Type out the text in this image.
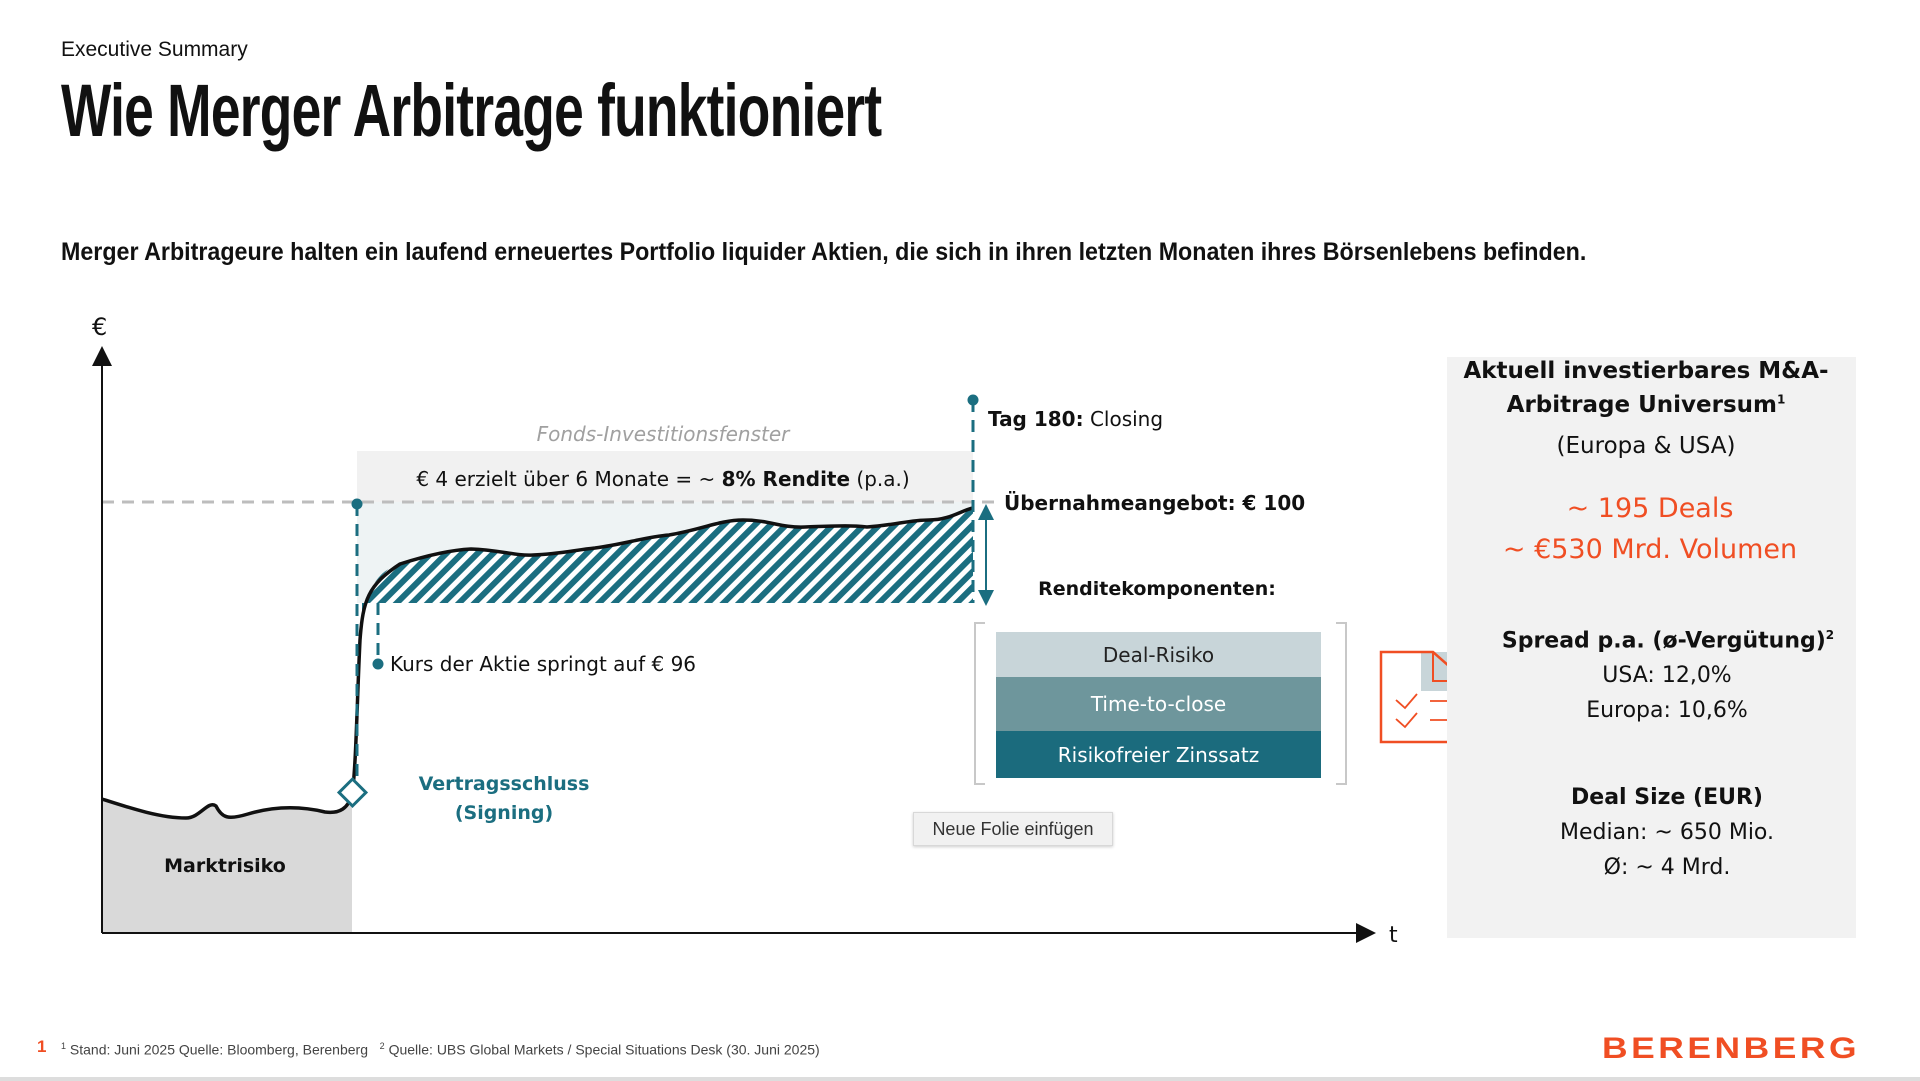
Executive Summary
Wie Merger Arbitrage funktioniert
Merger Arbitrageure halten ein laufend erneuertes Portfolio liquider Aktien, die sich in ihren letzten Monaten ihres Börsenlebens befinden.
€
t
Fonds-Investitionsfenster
€ 4 erzielt über 6 Monate = ~ 8% Rendite (p.a.)
Tag 180: Closing
Übernahmeangebot: € 100
Kurs der Aktie springt auf € 96
Vertragsschluss
(Signing)
Marktrisiko
Renditekomponenten:
Deal-Risiko
Time-to-close
Risikofreier Zinssatz
Neue Folie einfügen
Aktuell investierbares M&A-
Arbitrage Universum$^1$
(Europa & USA)
~ 195 Deals
~ €530 Mrd. Volumen
Spread p.a. (ø-Vergütung)$^2$
USA: 12,0%
Europa: 10,6%
Deal Size (EUR)
Median: ~ 650 Mio.
Ø: ~ 4 Mrd.
1 $^1$ Stand: Juni 2025 Quelle: Bloomberg, Berenberg $^2$ Quelle: UBS Global Markets / Special Situations Desk (30. Juni 2025)	BERENBERG
